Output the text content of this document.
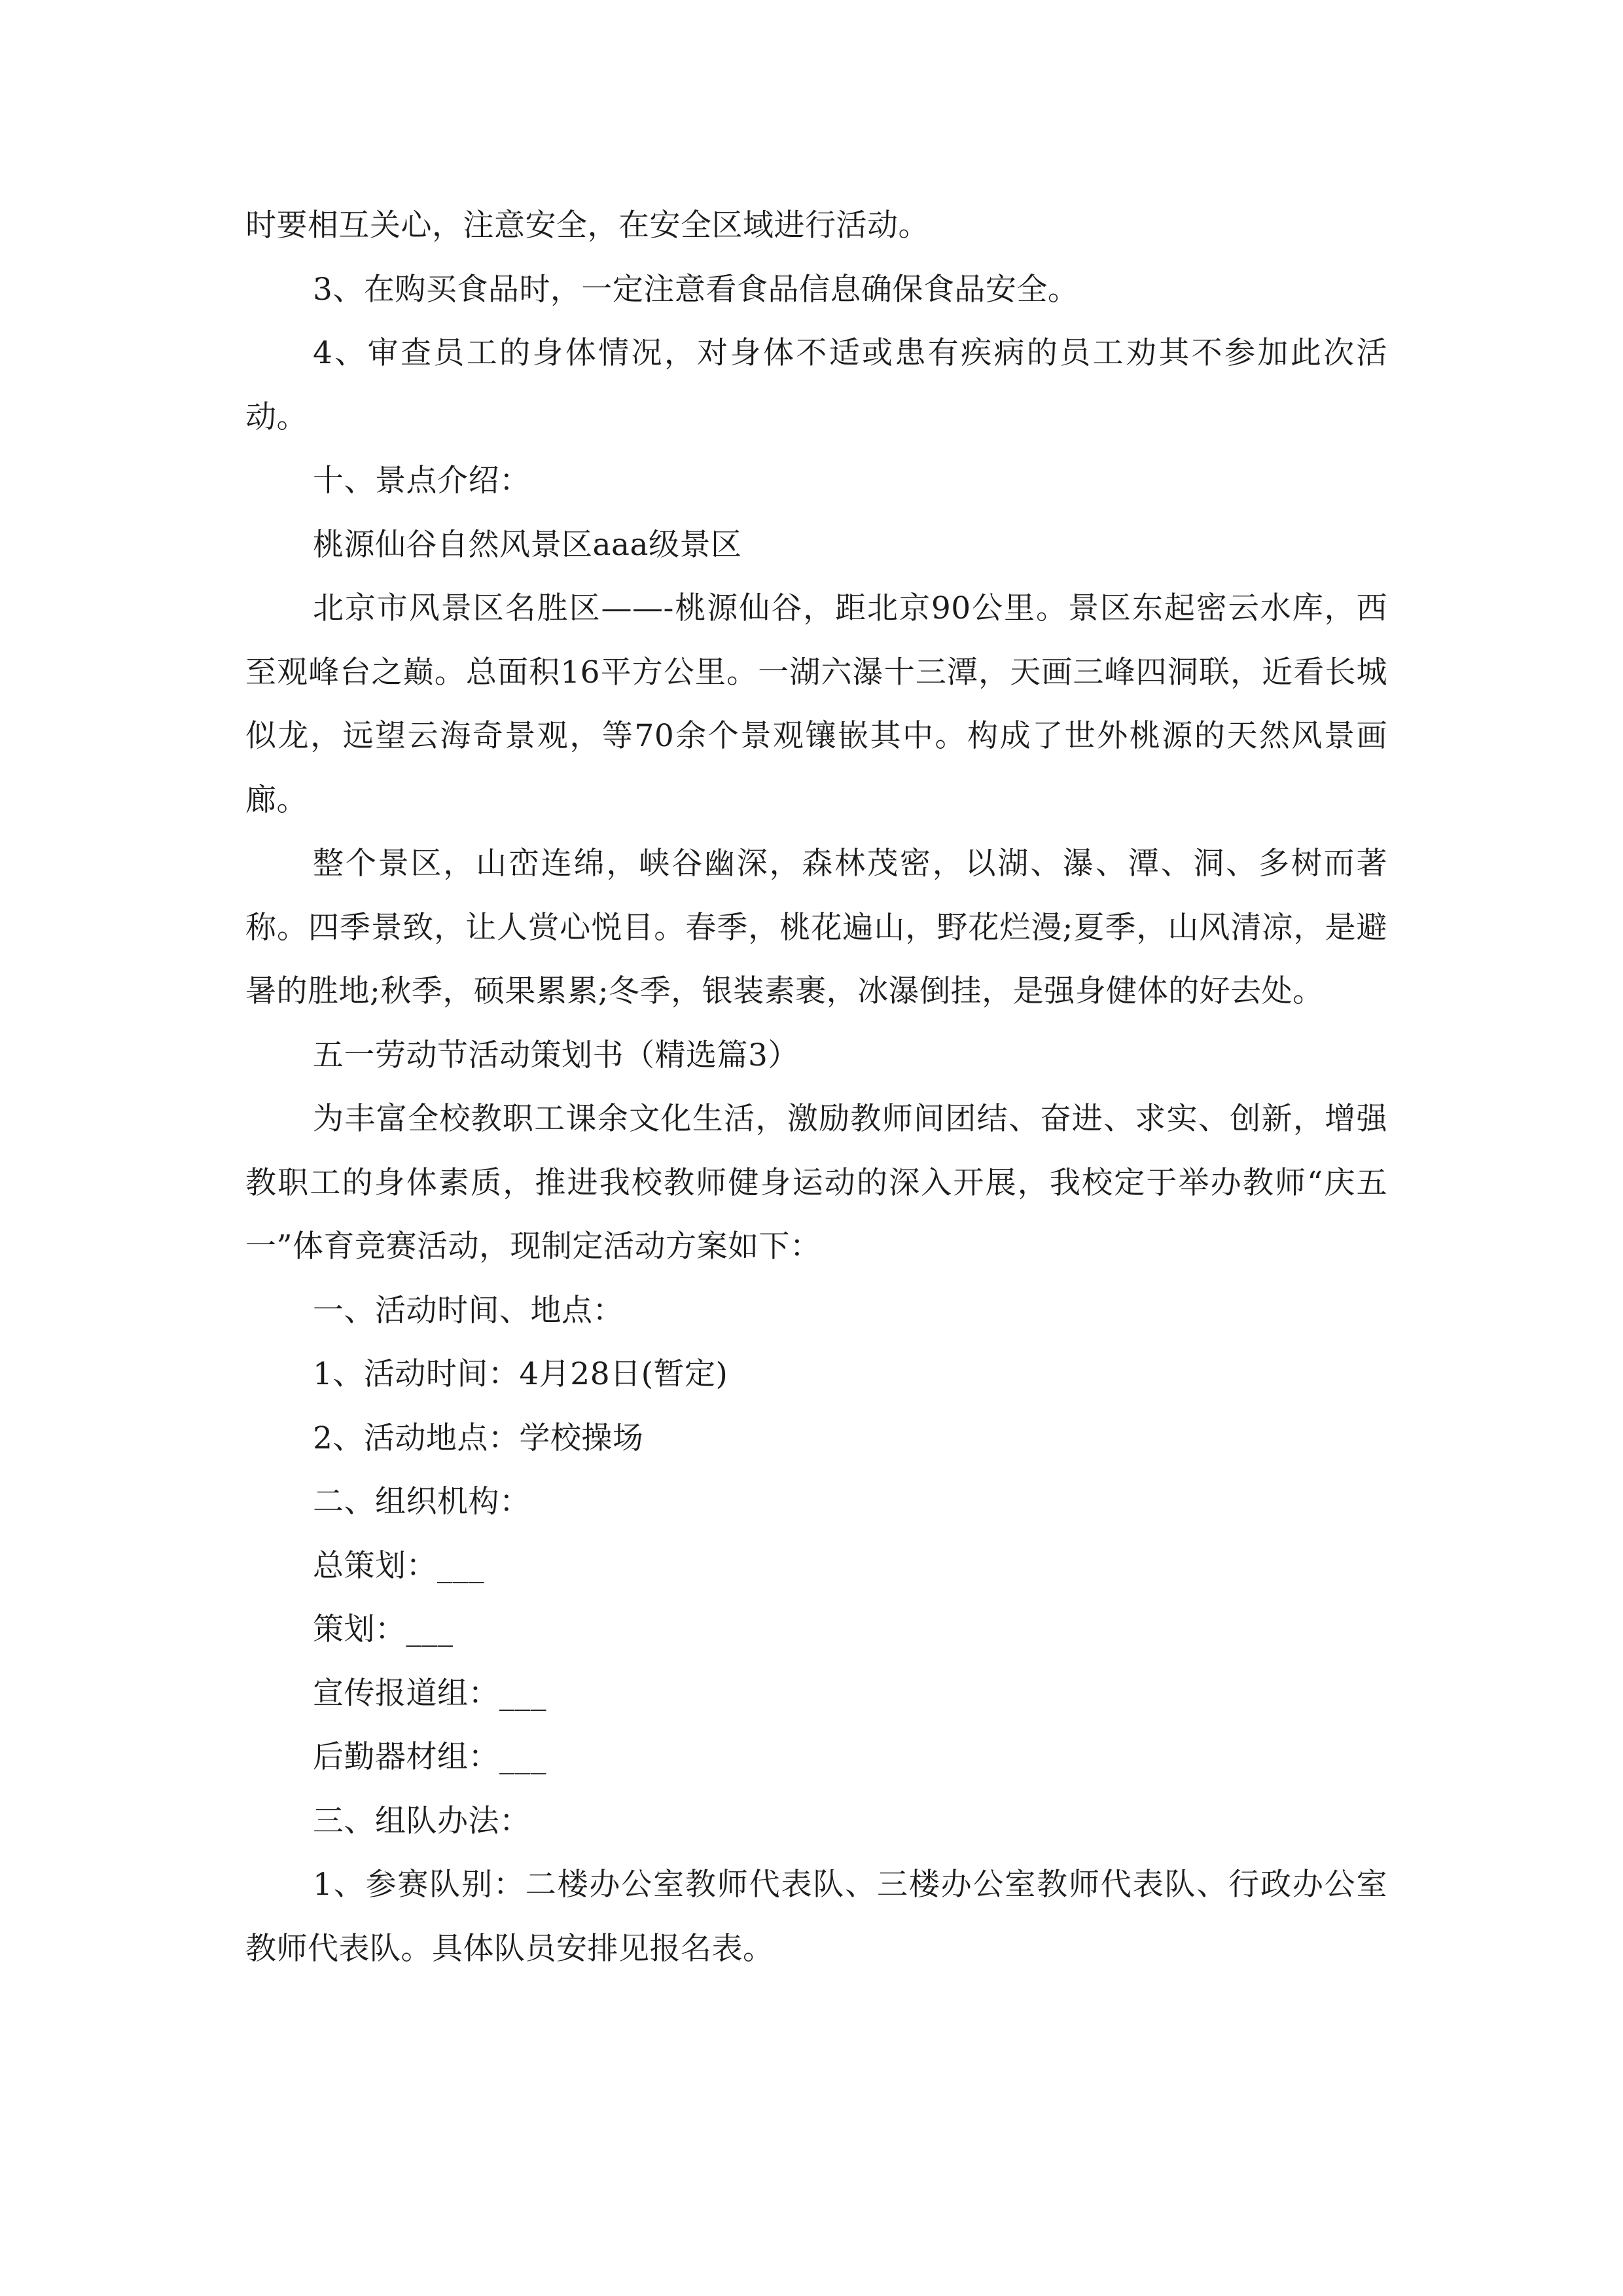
时要相互关心，注意安全，在安全区域进行活动。

3、在购买食品时，一定注意看食品信息确保食品安全。

4、审查员工的身体情况，对身体不适或患有疾病的员工劝其不参加此次活动。

十、景点介绍：

桃源仙谷自然风景区aaa级景区

北京市风景区名胜区——-桃源仙谷，距北京90公里。景区东起密云水库，西至观峰台之巅。总面积16平方公里。一湖六瀑十三潭，天画三峰四洞联，近看长城似龙，远望云海奇景观，等70余个景观镶嵌其中。构成了世外桃源的天然风景画廊。

整个景区，山峦连绵，峡谷幽深，森林茂密，以湖、瀑、潭、洞、多树而著称。四季景致，让人赏心悦目。春季，桃花遍山，野花烂漫;夏季，山风清凉，是避暑的胜地;秋季，硕果累累;冬季，银装素裹，冰瀑倒挂，是强身健体的好去处。

五一劳动节活动策划书（精选篇3）

为丰富全校教职工课余文化生活，激励教师间团结、奋进、求实、创新，增强教职工的身体素质，推进我校教师健身运动的深入开展，我校定于举办教师“庆五一”体育竞赛活动，现制定活动方案如下：

一、活动时间、地点：

1、活动时间：4月28日(暂定)

2、活动地点：学校操场

二、组织机构：

总策划：___

策划：___

宣传报道组：___

后勤器材组：___

三、组队办法：

1、参赛队别：二楼办公室教师代表队、三楼办公室教师代表队、行政办公室教师代表队。具体队员安排见报名表。
